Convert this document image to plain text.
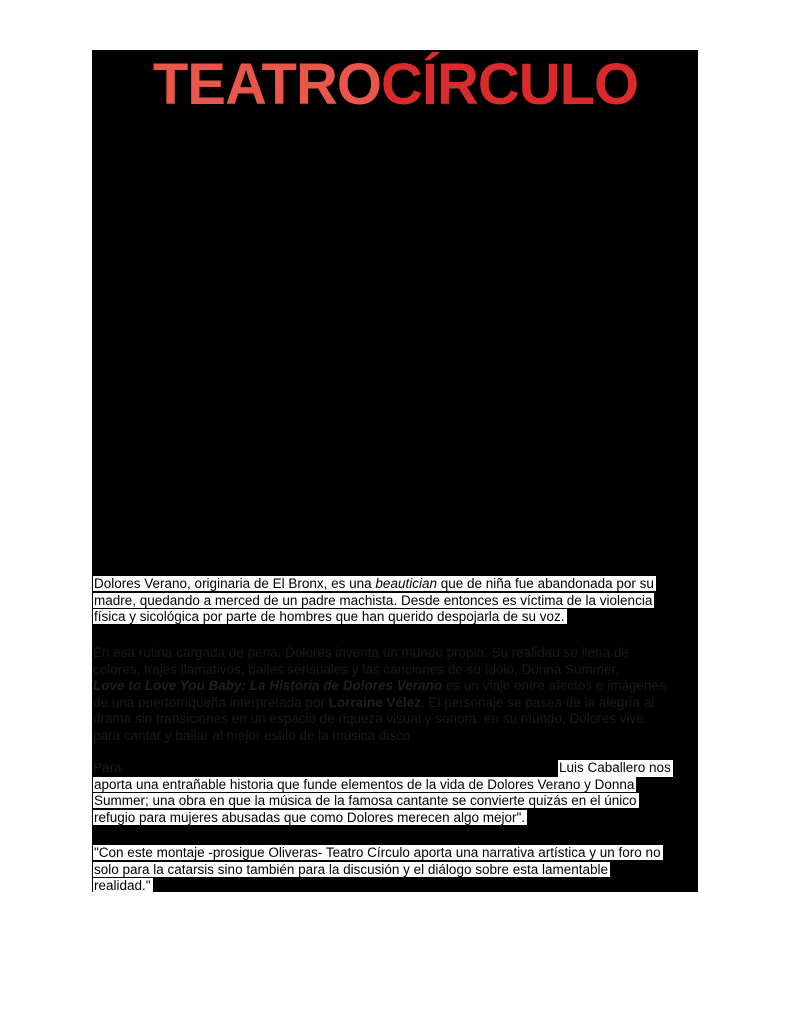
TEATROCÍRCULO
Dolores Verano, originaria de El Bronx, es una beautician que de niña fue abandonada por su
madre, quedando a merced de un padre machista. Desde entonces es víctima de la violencia
física y sicológica por parte de hombres que han querido despojarla de su voz.
En esa rutina cargada de pena, Dolores inventa un mundo propio. Su realidad se llena de
colores, trajes llamativos, bailes sensuales y las canciones de su ídolo, Donna Summer.
Love to Love You Baby: La Historia de Dolores Verano es un viaje entre afectos e imágenes
de una puertorriqueña interpretada por Lorraine Vélez. El personaje se pasea de la alegría al
drama sin transiciones en un espacio de riqueza visual y sonora: en su mundo, Dolores vive
para cantar y bailar al mejor estilo de la música disco.
Para	Luis Caballero nos
aporta una entrañable historia que funde elementos de la vida de Dolores Verano y Donna
Summer; una obra en que la música de la famosa cantante se convierte quizás en el único
refugio para mujeres abusadas que como Dolores merecen algo mejor".
"Con este montaje -prosigue Oliveras- Teatro Círculo aporta una narrativa artística y un foro no
solo para la catarsis sino también para la discusión y el diálogo sobre esta lamentable
realidad."
